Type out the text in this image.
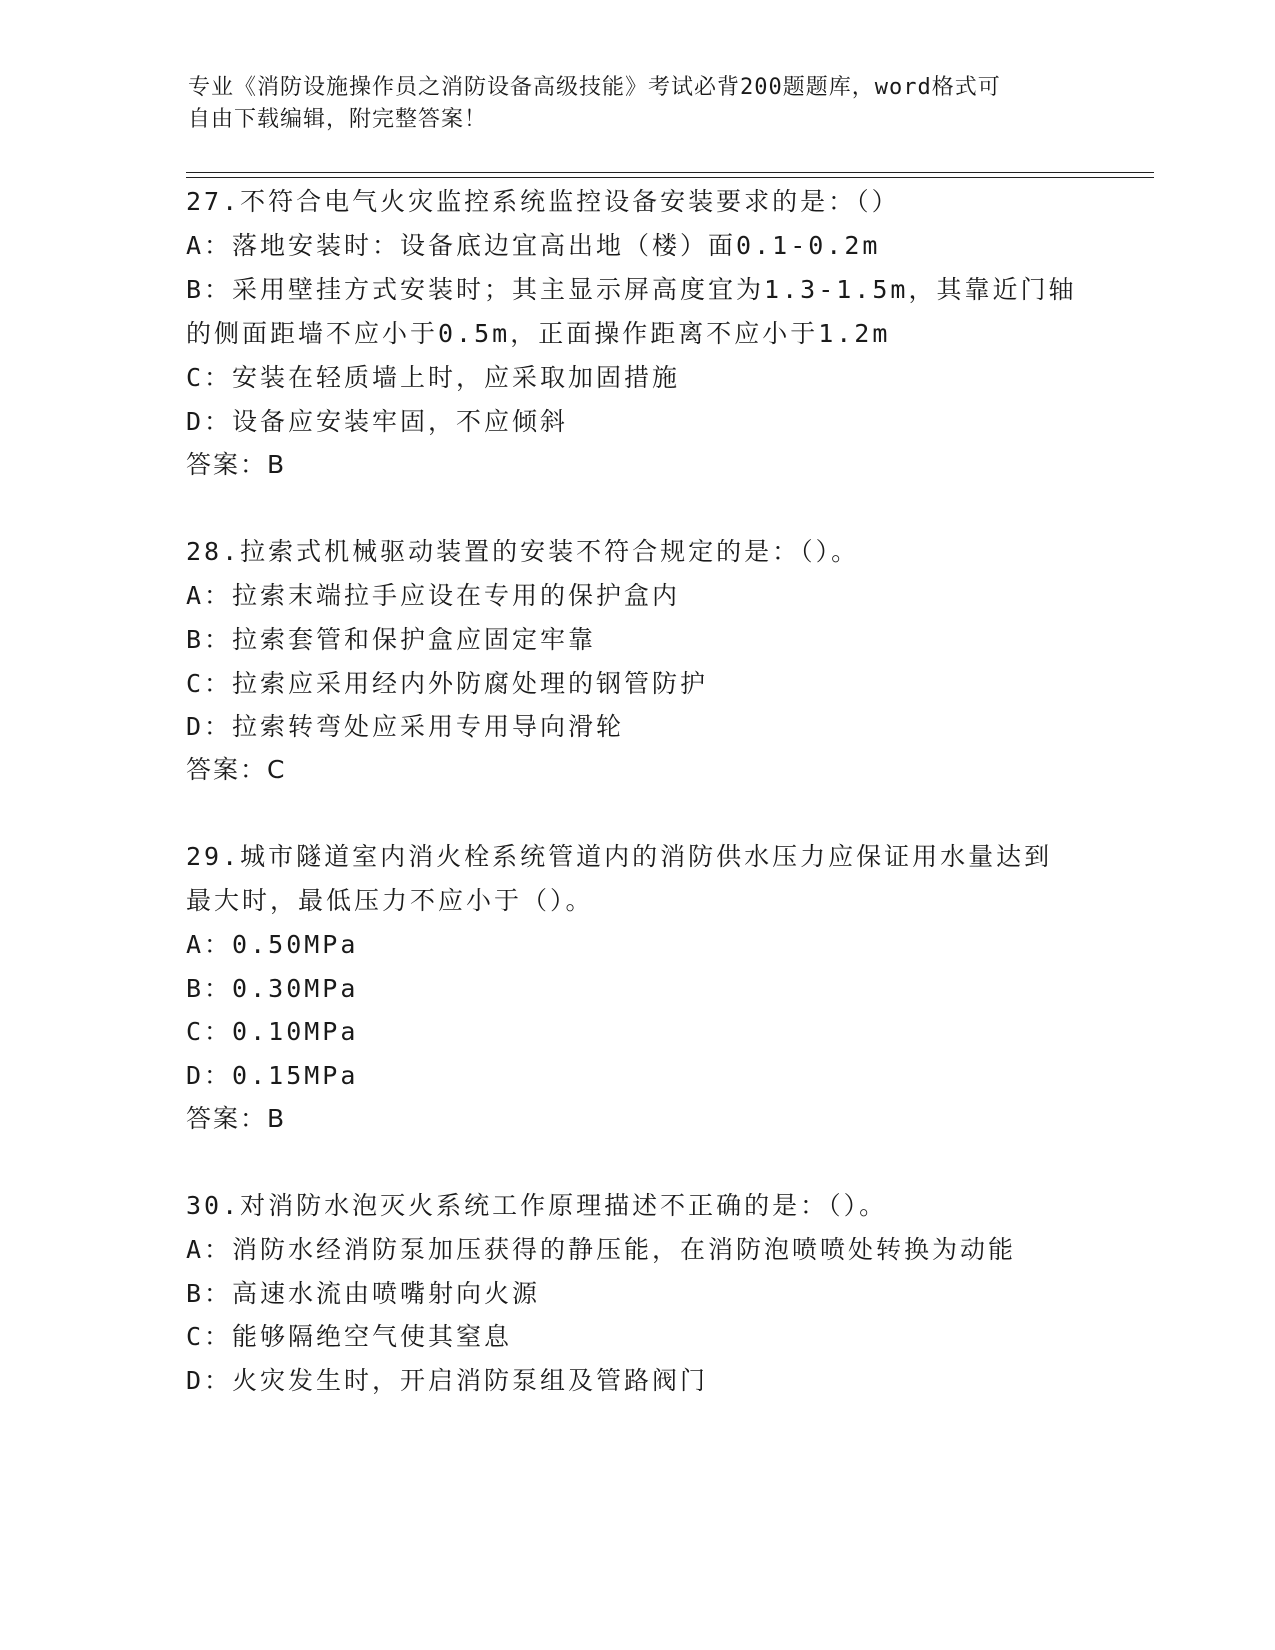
专业《消防设施操作员之消防设备高级技能》考试必背200题题库，word格式可
自由下载编辑，附完整答案！
27.不符合电气火灾监控系统监控设备安装要求的是：（）
A：落地安装时：设备底边宜高出地（楼）面0.1-0.2m
B：采用壁挂方式安装时；其主显示屏高度宜为1.3-1.5m，其靠近门轴
的侧面距墙不应小于0.5m，正面操作距离不应小于1.2m
C：安装在轻质墙上时，应采取加固措施
D：设备应安装牢固，不应倾斜
答案：B
28.拉索式机械驱动装置的安装不符合规定的是：（）。
A：拉索末端拉手应设在专用的保护盒内
B：拉索套管和保护盒应固定牢靠
C：拉索应采用经内外防腐处理的钢管防护
D：拉索转弯处应采用专用导向滑轮
答案：C
29.城市隧道室内消火栓系统管道内的消防供水压力应保证用水量达到
最大时，最低压力不应小于（）。
A：0.50MPa
B：0.30MPa
C：0.10MPa
D：0.15MPa
答案：B
30.对消防水泡灭火系统工作原理描述不正确的是：（）。
A：消防水经消防泵加压获得的静压能，在消防泡喷喷处转换为动能
B：高速水流由喷嘴射向火源
C：能够隔绝空气使其窒息
D：火灾发生时，开启消防泵组及管路阀门
